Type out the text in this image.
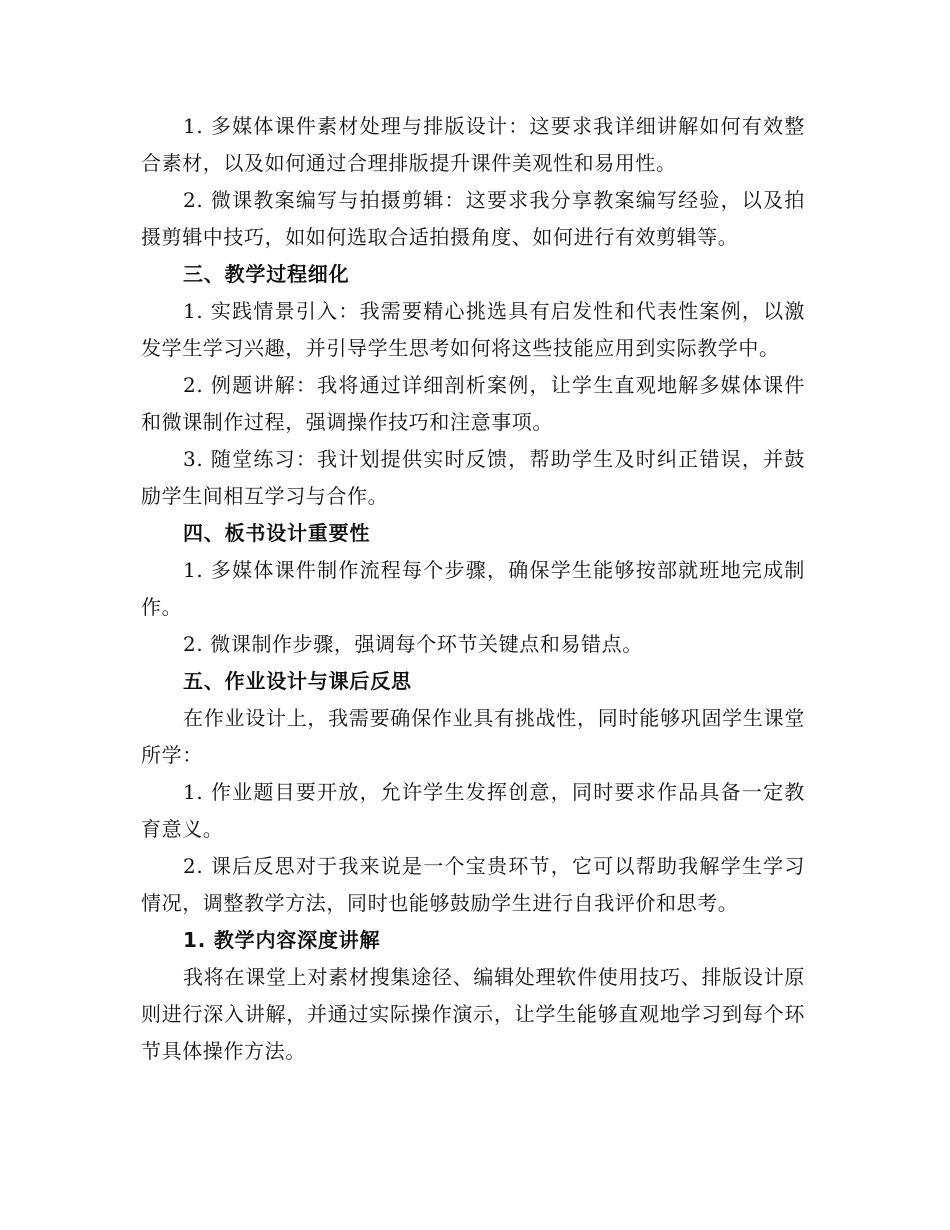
1. 多媒体课件素材处理与排版设计：这要求我详细讲解如何有效整合素材，以及如何通过合理排版提升课件美观性和易用性。

2. 微课教案编写与拍摄剪辑：这要求我分享教案编写经验，以及拍摄剪辑中技巧，如如何选取合适拍摄角度、如何进行有效剪辑等。

三、教学过程细化

1. 实践情景引入：我需要精心挑选具有启发性和代表性案例，以激发学生学习兴趣，并引导学生思考如何将这些技能应用到实际教学中。

2. 例题讲解：我将通过详细剖析案例，让学生直观地解多媒体课件和微课制作过程，强调操作技巧和注意事项。

3. 随堂练习：我计划提供实时反馈，帮助学生及时纠正错误，并鼓励学生间相互学习与合作。

四、板书设计重要性

1. 多媒体课件制作流程每个步骤，确保学生能够按部就班地完成制作。

2. 微课制作步骤，强调每个环节关键点和易错点。

五、作业设计与课后反思

在作业设计上，我需要确保作业具有挑战性，同时能够巩固学生课堂所学：

1. 作业题目要开放，允许学生发挥创意，同时要求作品具备一定教育意义。

2. 课后反思对于我来说是一个宝贵环节，它可以帮助我解学生学习情况，调整教学方法，同时也能够鼓励学生进行自我评价和思考。

1. 教学内容深度讲解

我将在课堂上对素材搜集途径、编辑处理软件使用技巧、排版设计原则进行深入讲解，并通过实际操作演示，让学生能够直观地学习到每个环节具体操作方法。
